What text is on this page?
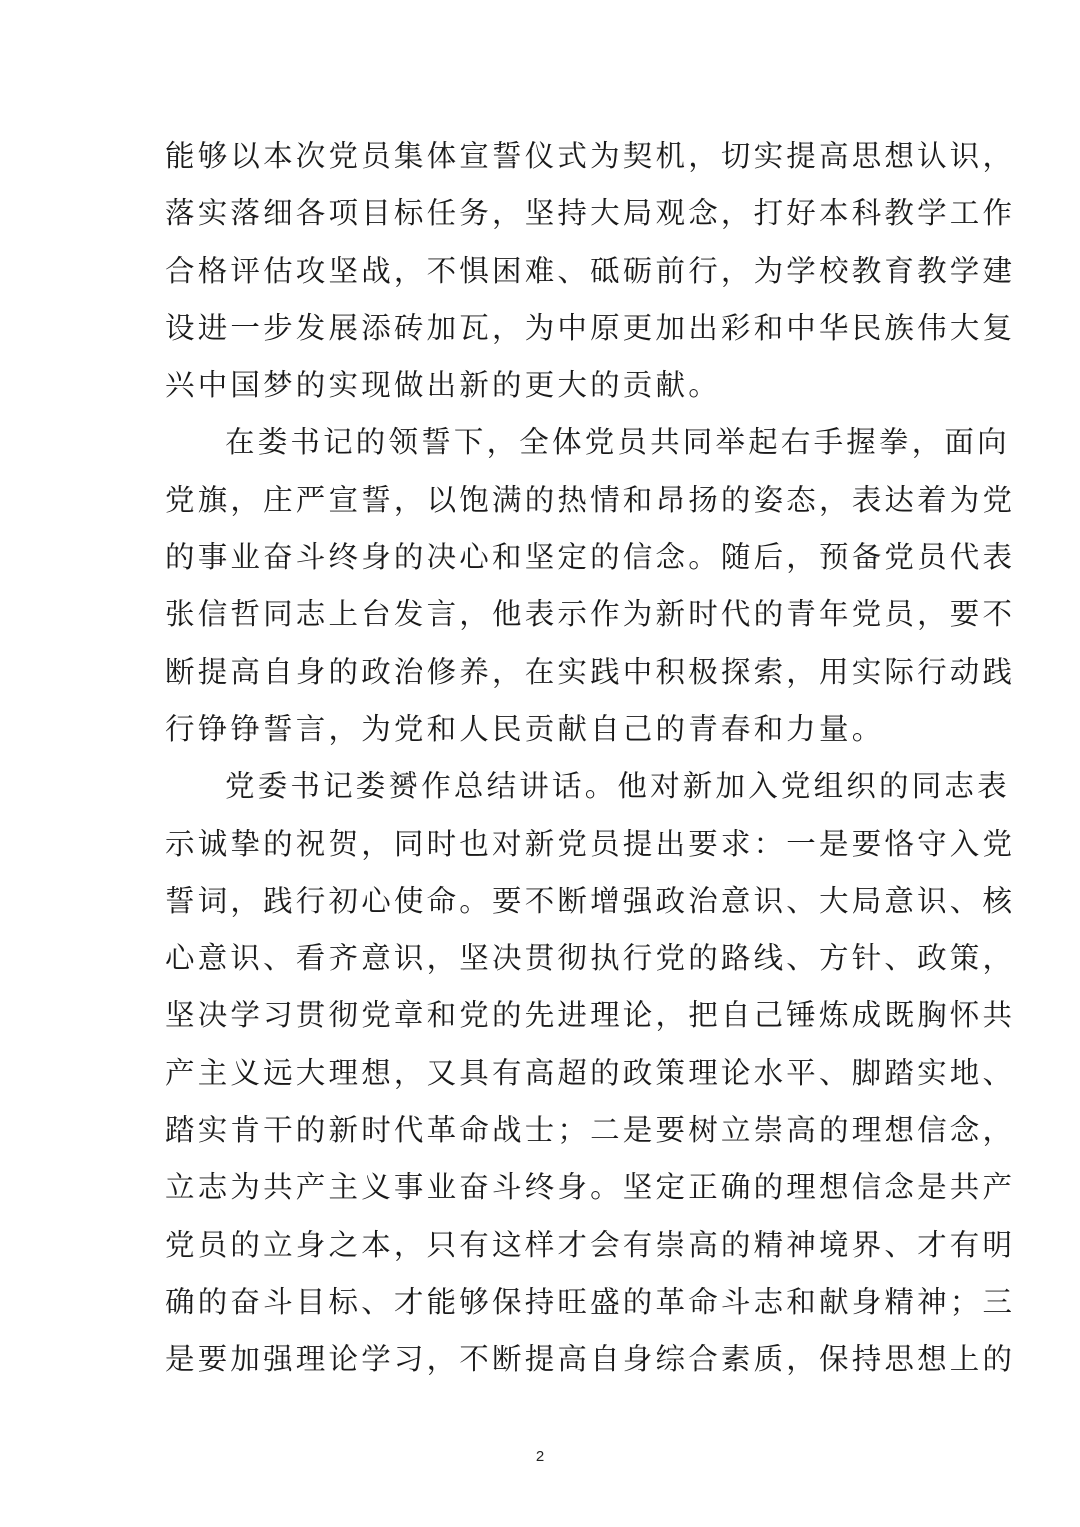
能够以本次党员集体宣誓仪式为契机，切实提高思想认识，
落实落细各项目标任务，坚持大局观念，打好本科教学工作
合格评估攻坚战，不惧困难、砥砺前行，为学校教育教学建
设进一步发展添砖加瓦，为中原更加出彩和中华民族伟大复
兴中国梦的实现做出新的更大的贡献。
在娄书记的领誓下，全体党员共同举起右手握拳，面向
党旗，庄严宣誓，以饱满的热情和昂扬的姿态，表达着为党
的事业奋斗终身的决心和坚定的信念。随后，预备党员代表
张信哲同志上台发言，他表示作为新时代的青年党员，要不
断提高自身的政治修养，在实践中积极探索，用实际行动践
行铮铮誓言，为党和人民贡献自己的青春和力量。
党委书记娄赟作总结讲话。他对新加入党组织的同志表
示诚挚的祝贺，同时也对新党员提出要求：一是要恪守入党
誓词，践行初心使命。要不断增强政治意识、大局意识、核
心意识、看齐意识，坚决贯彻执行党的路线、方针、政策，
坚决学习贯彻党章和党的先进理论，把自己锤炼成既胸怀共
产主义远大理想，又具有高超的政策理论水平、脚踏实地、
踏实肯干的新时代革命战士；二是要树立崇高的理想信念，
立志为共产主义事业奋斗终身。坚定正确的理想信念是共产
党员的立身之本，只有这样才会有崇高的精神境界、才有明
确的奋斗目标、才能够保持旺盛的革命斗志和献身精神；三
是要加强理论学习，不断提高自身综合素质，保持思想上的
2
